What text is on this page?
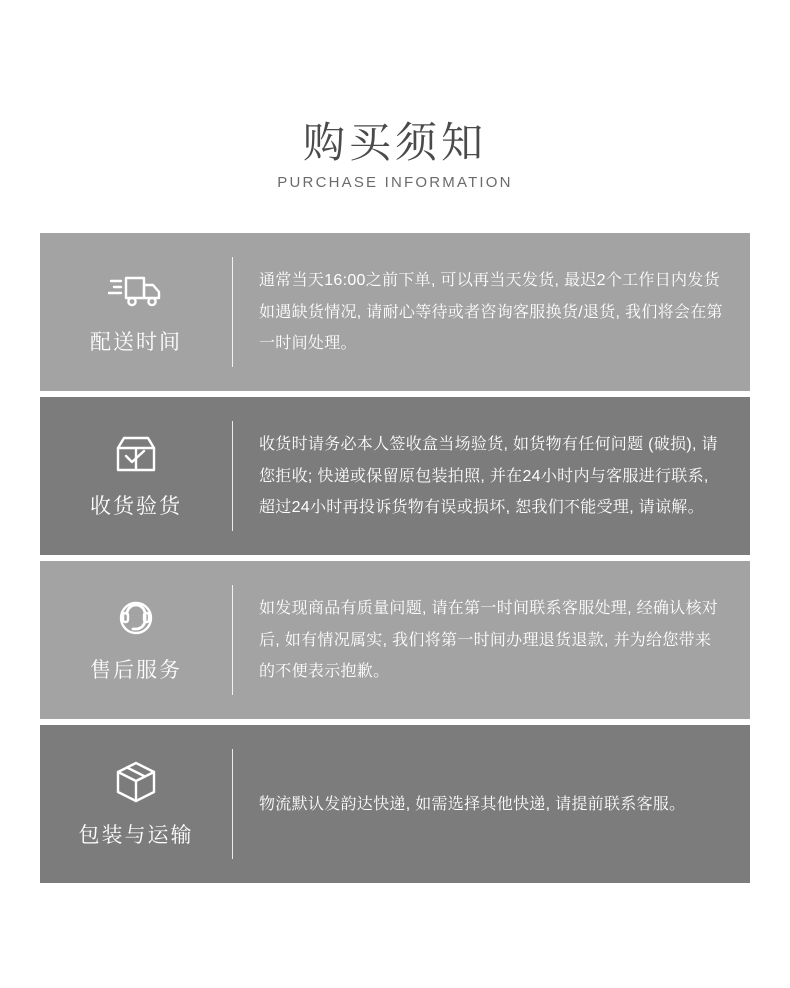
购买须知
PURCHASE INFORMATION
配送时间
通常当天16:00之前下单, 可以再当天发货, 最迟2个工作日内发货如遇缺货情况, 请耐心等待或者咨询客服换货/退货, 我们将会在第一时间处理。
收货验货
收货时请务必本人签收盒当场验货, 如货物有任何问题 (破损), 请您拒收; 快递或保留原包装拍照, 并在24小时内与客服进行联系, 超过24小时再投诉货物有误或损坏, 恕我们不能受理, 请谅解。
售后服务
如发现商品有质量问题, 请在第一时间联系客服处理, 经确认核对后, 如有情况属实, 我们将第一时间办理退货退款, 并为给您带来的不便表示抱歉。
包装与运输
物流默认发韵达快递, 如需选择其他快递, 请提前联系客服。
